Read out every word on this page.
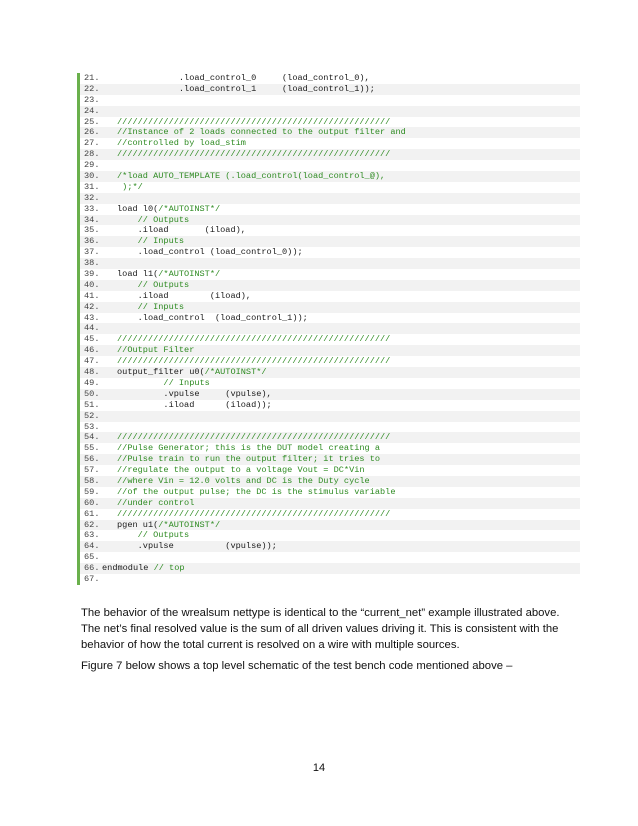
21.	.load_control_0     (load_control_0),
22.	.load_control_1     (load_control_1));
23.
24.
25.	/////////////////////////////////////////////////////
26.	//Instance of 2 loads connected to the output filter and
27.	//controlled by load_stim
28.	/////////////////////////////////////////////////////
29.
30.	/*load AUTO_TEMPLATE (.load_control(load_control_@),
31.	);*/
32.
33.	load l0(/*AUTOINST*/
34.	// Outputs
35.	.iload       (iload),
36.	// Inputs
37.	.load_control (load_control_0));
38.
39.	load l1(/*AUTOINST*/
40.	// Outputs
41.	.iload        (iload),
42.	// Inputs
43.	.load_control  (load_control_1));
44.
45.	/////////////////////////////////////////////////////
46.	//Output Filter
47.	/////////////////////////////////////////////////////
48.	output_filter u0(/*AUTOINST*/
49.	// Inputs
50.	.vpulse     (vpulse),
51.	.iload      (iload));
52.
53.
54.	/////////////////////////////////////////////////////
55.	//Pulse Generator; this is the DUT model creating a
56.	//Pulse train to run the output filter; it tries to
57.	//regulate the output to a voltage Vout = DC*Vin
58.	//where Vin = 12.0 volts and DC is the Duty cycle
59.	//of the output pulse; the DC is the stimulus variable
60.	//under control
61.	/////////////////////////////////////////////////////
62.	pgen u1(/*AUTOINST*/
63.	// Outputs
64.	.vpulse          (vpulse));
65.
66. endmodule // top
67.

The behavior of the wrealsum nettype is identical to the “current_net” example illustrated above. The net’s final resolved value is the sum of all driven values driving it. This is consistent with the behavior of how the total current is resolved on a wire with multiple sources.

Figure 7 below shows a top level schematic of the test bench code mentioned above –

14
